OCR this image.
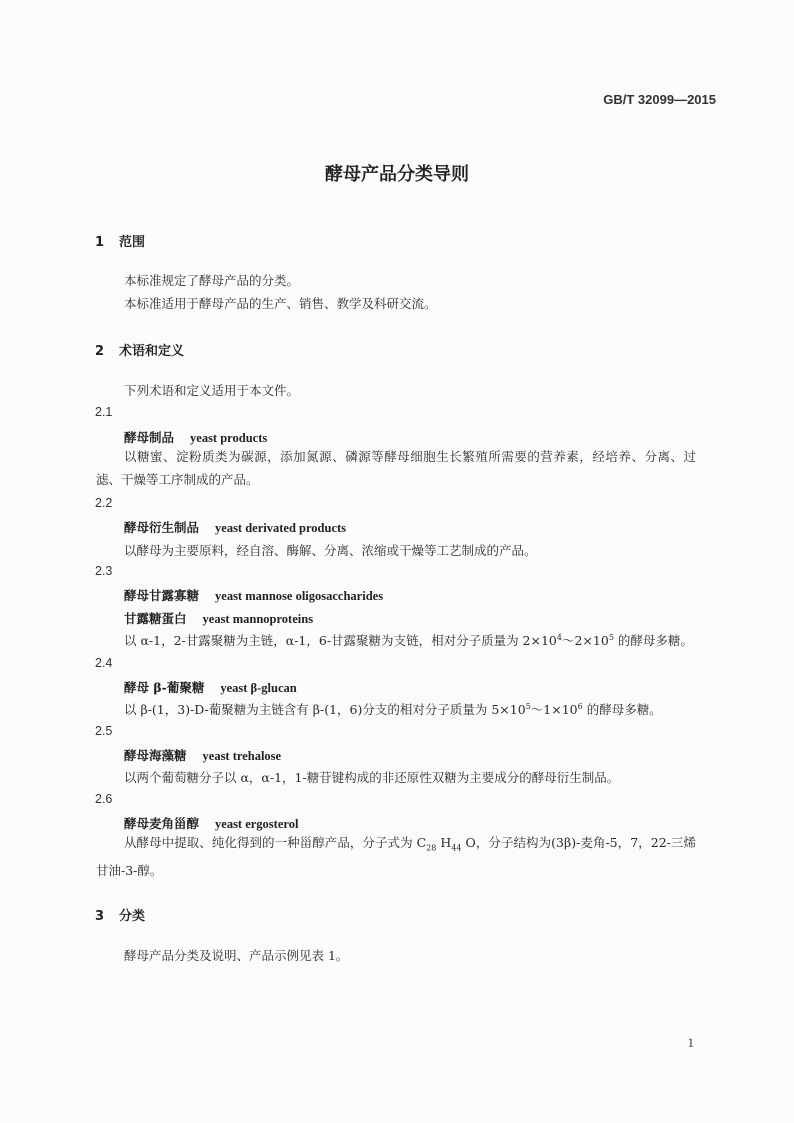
GB/T 32099—2015
酵母产品分类导则
1 范围
本标准规定了酵母产品的分类。
本标准适用于酵母产品的生产、销售、教学及科研交流。
2 术语和定义
下列术语和定义适用于本文件。
2.1
酵母制品 yeast products
以糖蜜、淀粉质类为碳源，添加氮源、磷源等酵母细胞生长繁殖所需要的营养素，经培养、分离、过滤、干燥等工序制成的产品。
2.2
酵母衍生制品 yeast derivated products
以酵母为主要原料，经自溶、酶解、分离、浓缩或干燥等工艺制成的产品。
2.3
酵母甘露寡糖 yeast mannose oligosaccharides
甘露糖蛋白 yeast mannoproteins
以 α-1，2-甘露聚糖为主链，α-1，6-甘露聚糖为支链，相对分子质量为 $2\times 10^4\sim 2\times 10^5$ 的酵母多糖。
2.4
酵母 β-葡聚糖 yeast β-glucan
以 β-(1，3)-D-葡聚糖为主链含有 β-(1，6)分支的相对分子质量为 $5\times 10^5\sim 1\times 10^6$ 的酵母多糖。
2.5
酵母海藻糖 yeast trehalose
以两个葡萄糖分子以 α，α-1，1-糖苷键构成的非还原性双糖为主要成分的酵母衍生制品。
2.6
酵母麦角甾醇 yeast ergosterol
从酵母中提取、纯化得到的一种甾醇产品，分子式为 $C_{28}$ $H_{44}$ O，分子结构为(3β)-麦角-5，7，22-三烯甘油-3-醇。
3 分类
酵母产品分类及说明、产品示例见表 1。
1
